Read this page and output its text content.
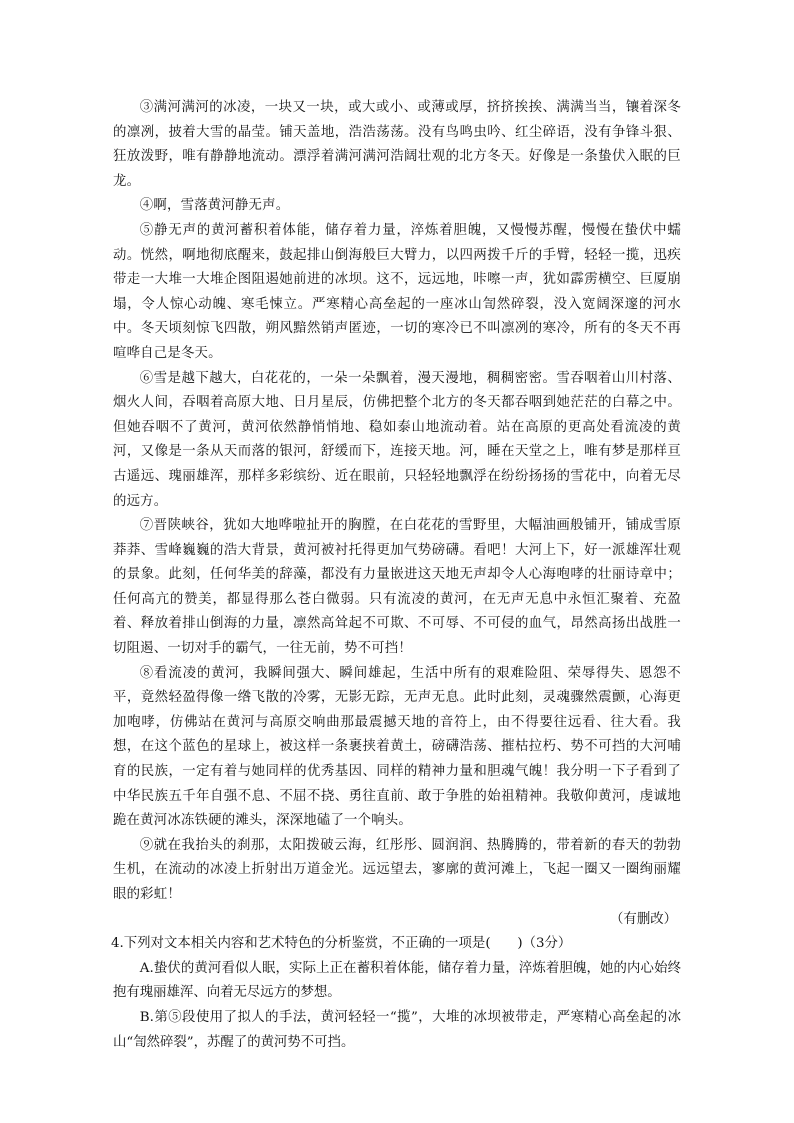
③满河满河的冰凌，一块又一块，或大或小、或薄或厚，挤挤挨挨、满满当当，镶着深冬的凛冽，披着大雪的晶莹。铺天盖地，浩浩荡荡。没有鸟鸣虫吟、红尘碎语，没有争锋斗狠、狂放泼野，唯有静静地流动。漂浮着满河满河浩阔壮观的北方冬天。好像是一条蛰伏入眠的巨龙。

④啊，雪落黄河静无声。

⑤静无声的黄河蓄积着体能，储存着力量，淬炼着胆魄，又慢慢苏醒，慢慢在蛰伏中蠕动。恍然，啊地彻底醒来，鼓起排山倒海般巨大臂力，以四两拨千斤的手臂，轻轻一揽，迅疾带走一大堆一大堆企图阻遏她前进的冰坝。这不，远远地，咔嚓一声，犹如霹雳横空、巨厦崩塌，令人惊心动魄、寒毛悚立。严寒精心高垒起的一座冰山訇然碎裂，没入宽阔深邃的河水中。冬天顷刻惊飞四散，朔风黯然销声匿迹，一切的寒冷已不叫凛冽的寒冷，所有的冬天不再喧哗自己是冬天。

⑥雪是越下越大，白花花的，一朵一朵飘着，漫天漫地，稠稠密密。雪吞咽着山川村落、烟火人间，吞咽着高原大地、日月星辰，仿佛把整个北方的冬天都吞咽到她茫茫的白幕之中。但她吞咽不了黄河，黄河依然静悄悄地、稳如泰山地流动着。站在高原的更高处看流凌的黄河，又像是一条从天而落的银河，舒缓而下，连接天地。河，睡在天堂之上，唯有梦是那样亘古遥远、瑰丽雄浑，那样多彩缤纷、近在眼前，只轻轻地飘浮在纷纷扬扬的雪花中，向着无尽的远方。

⑦晋陕峡谷，犹如大地哗啦扯开的胸膛，在白花花的雪野里，大幅油画般铺开，铺成雪原莽莽、雪峰巍巍的浩大背景，黄河被衬托得更加气势磅礴。看吧！大河上下，好一派雄浑壮观的景象。此刻，任何华美的辞藻，都没有力量嵌进这天地无声却令人心海咆哮的壮丽诗章中；任何高亢的赞美，都显得那么苍白微弱。只有流凌的黄河，在无声无息中永恒汇聚着、充盈着、释放着排山倒海的力量，凛然高耸起不可欺、不可辱、不可侵的血气，昂然高扬出战胜一切阻遏、一切对手的霸气，一往无前，势不可挡！

⑧看流凌的黄河，我瞬间强大、瞬间雄起，生活中所有的艰难险阻、荣辱得失、恩怨不平，竟然轻盈得像一绺飞散的冷雾，无影无踪，无声无息。此时此刻，灵魂骤然震颤，心海更加咆哮，仿佛站在黄河与高原交响曲那最震撼天地的音符上，由不得要往远看、往大看。我想，在这个蓝色的星球上，被这样一条裹挟着黄土，磅礴浩荡、摧枯拉朽、势不可挡的大河哺育的民族，一定有着与她同样的优秀基因、同样的精神力量和胆魂气魄！我分明一下子看到了中华民族五千年自强不息、不屈不挠、勇往直前、敢于争胜的始祖精神。我敬仰黄河，虔诚地跪在黄河冰冻铁硬的滩头，深深地磕了一个响头。

⑨就在我抬头的刹那，太阳拨破云海，红彤彤、圆润润、热腾腾的，带着新的春天的勃勃生机，在流动的冰凌上折射出万道金光。远远望去，寥廓的黄河滩上，飞起一圈又一圈绚丽耀眼的彩虹！

（有删改）

4.下列对文本相关内容和艺术特色的分析鉴赏，不正确的一项是(　　)（3分）

A.蛰伏的黄河看似人眠，实际上正在蓄积着体能，储存着力量，淬炼着胆魄，她的内心始终抱有瑰丽雄浑、向着无尽远方的梦想。

B.第⑤段使用了拟人的手法，黄河轻轻一“揽”，大堆的冰坝被带走，严寒精心高垒起的冰山“訇然碎裂”，苏醒了的黄河势不可挡。
